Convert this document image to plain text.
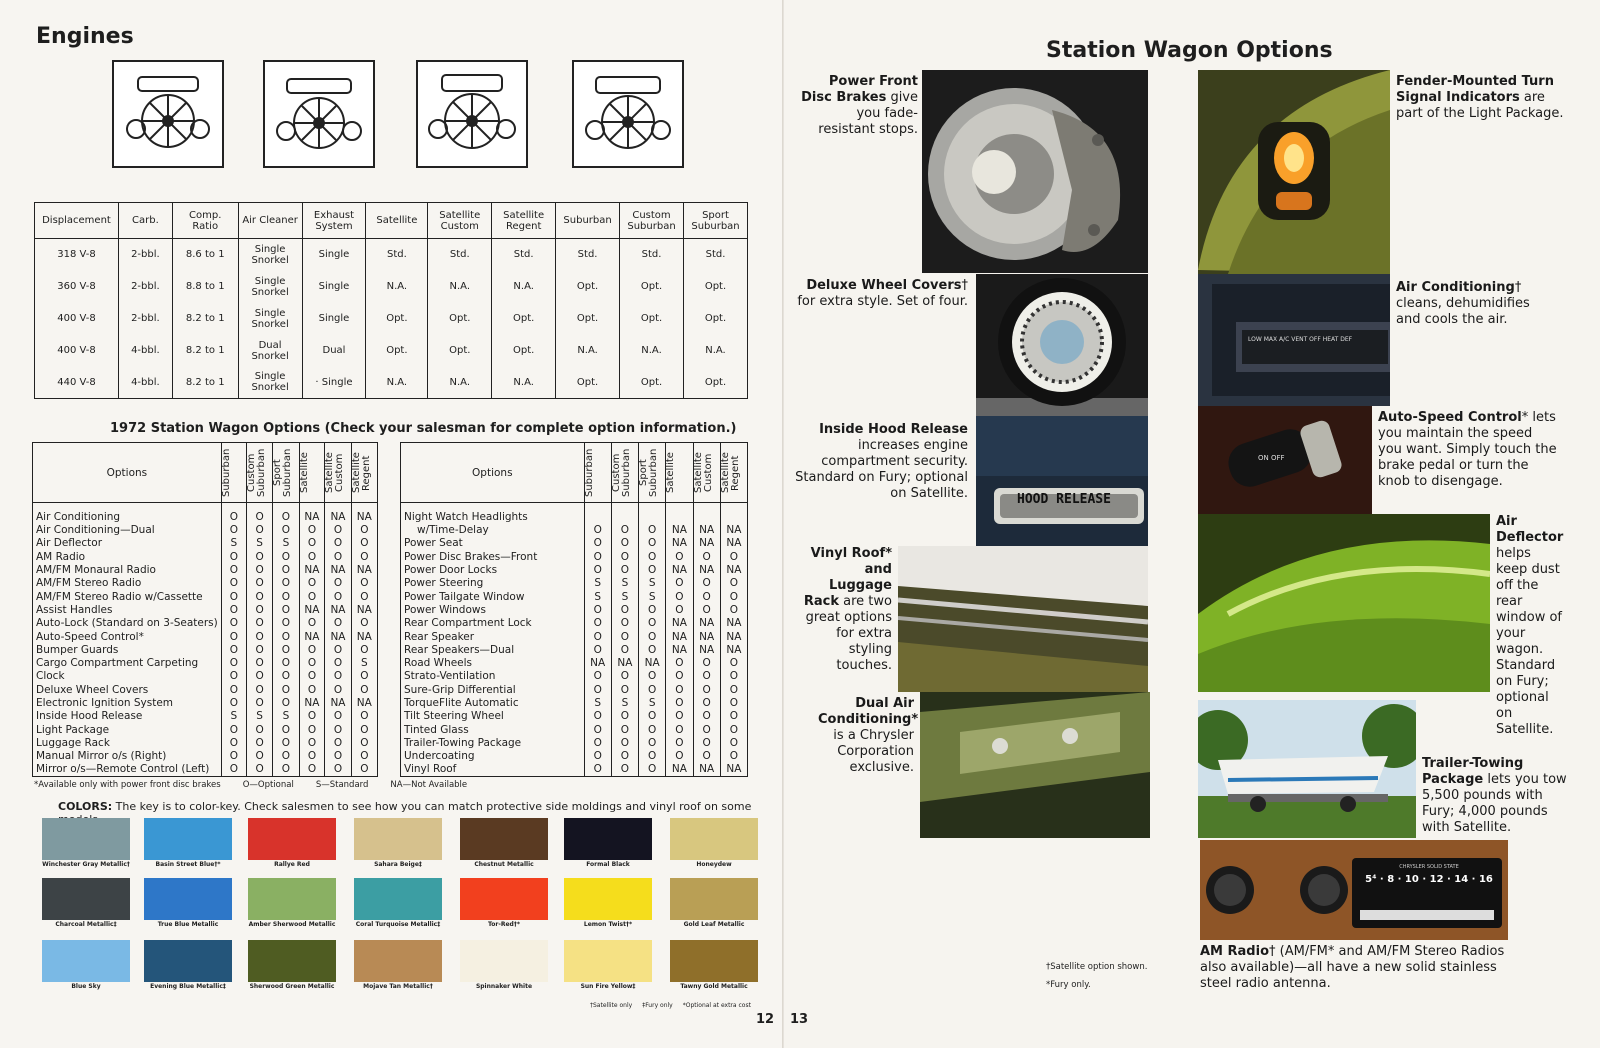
Engines
Displacement	Carb.	Comp. Ratio	Air Cleaner	Exhaust System	Satellite	Satellite Custom	Satellite Regent	Suburban	Custom Suburban	Sport Suburban
318 V-8	2-bbl.	8.6 to 1	Single Snorkel	Single	Std.	Std.	Std.	Std.	Std.	Std.
360 V-8	2-bbl.	8.8 to 1	Single Snorkel	Single	N.A.	N.A.	N.A.	Opt.	Opt.	Opt.
400 V-8	2-bbl.	8.2 to 1	Single Snorkel	Single	Opt.	Opt.	Opt.	Opt.	Opt.	Opt.
400 V-8	4-bbl.	8.2 to 1	Dual Snorkel	Dual	Opt.	Opt.	Opt.	N.A.	N.A.	N.A.
440 V-8	4-bbl.	8.2 to 1	Single Snorkel	· Single	N.A.	N.A.	N.A.	Opt.	Opt.	Opt.
1972 Station Wagon Options (Check your salesman for complete option information.)
Options	Suburban	Custom Suburban	Sport Suburban	Satellite	Satellite Custom	Satellite Regent

Air Conditioning	O	O	O	NA	NA	NA
Air Conditioning—Dual	O	O	O	O	O	O
Air Deflector	S	S	S	O	O	O
AM Radio	O	O	O	O	O	O
AM/FM Monaural Radio	O	O	O	NA	NA	NA
AM/FM Stereo Radio	O	O	O	O	O	O
AM/FM Stereo Radio w/Cassette	O	O	O	O	O	O
Assist Handles	O	O	O	NA	NA	NA
Auto-Lock (Standard on 3-Seaters)	O	O	O	O	O	O
Auto-Speed Control*	O	O	O	NA	NA	NA
Bumper Guards	O	O	O	O	O	O
Cargo Compartment Carpeting	O	O	O	O	O	S
Clock	O	O	O	O	O	O
Deluxe Wheel Covers	O	O	O	O	O	O
Electronic Ignition System	O	O	O	NA	NA	NA
Inside Hood Release	S	S	S	O	O	O
Light Package	O	O	O	O	O	O
Luggage Rack	O	O	O	O	O	O
Manual Mirror o/s (Right)	O	O	O	O	O	O
Mirror o/s—Remote Control (Left)	O	O	O	O	O	O
Options	Suburban	Custom Suburban	Sport Suburban	Satellite	Satellite Custom	Satellite Regent

Night Watch Headlights						
w/Time-Delay	O	O	O	NA	NA	NA
Power Seat	O	O	O	NA	NA	NA
Power Disc Brakes—Front	O	O	O	O	O	O
Power Door Locks	O	O	O	NA	NA	NA
Power Steering	S	S	S	O	O	O
Power Tailgate Window	S	S	S	O	O	O
Power Windows	O	O	O	O	O	O
Rear Compartment Lock	O	O	O	NA	NA	NA
Rear Speaker	O	O	O	NA	NA	NA
Rear Speakers—Dual	O	O	O	NA	NA	NA
Road Wheels	NA	NA	NA	O	O	O
Strato-Ventilation	O	O	O	O	O	O
Sure-Grip Differential	O	O	O	O	O	O
TorqueFlite Automatic	S	S	S	O	O	O
Tilt Steering Wheel	O	O	O	O	O	O
Tinted Glass	O	O	O	O	O	O
Trailer-Towing Package	O	O	O	O	O	O
Undercoating	O	O	O	O	O	O
Vinyl Roof	O	O	O	NA	NA	NA
*Available only with power front disc brakes	O—Optional	S—Standard	NA—Not Available
COLORS: The key is to color-key. Check salesmen to see how you can match protective side moldings and vinyl roof on some
Winchester Gray Metallic†	Basin Street Blue†*	Rallye Red	Sahara Beige‡	Chestnut Metallic	Formal Black	Honeydew
Charcoal Metallic‡	True Blue Metallic	Amber Sherwood Metallic	Coral Turquoise Metallic‡	Tor-Red†*	Lemon Twist†*	Gold Leaf Metallic
Blue Sky	Evening Blue Metallic‡	Sherwood Green Metallic	Mojave Tan Metallic†	Spinnaker White	Sun Fire Yellow‡	Tawny Gold Metallic
†Satellite only ‡Fury only *Optional at extra cost
12 13
Station Wagon Options
Power Front Disc Brakes give you fade-resistant stops.
Fender-Mounted Turn Signal Indicators are part of the Light Package.
Deluxe Wheel Covers† for extra style. Set of four.
LOW MAX A/C VENT OFF HEAT DEF
Air Conditioning† cleans, dehumidifies and cools the air.
HOOD RELEASE
Inside Hood Release increases engine compartment security. Standard on Fury; optional on Satellite.
ON OFF
Auto-Speed Control* lets you maintain the speed you want. Simply touch the brake pedal or turn the knob to disengage.
Vinyl Roof* and Luggage Rack are two great options for extra styling touches.
Air Deflector helps keep dust off the rear window of your wagon. Standard on Fury; optional on Satellite.
Dual Air Conditioning* is a Chrysler Corporation exclusive.	Trailer-Towing Package lets you tow 5,500 pounds with Fury; 4,000 pounds with Satellite.
5⁴ · 8 · 10 · 12 · 14 · 16
CHRYSLER SOLID STATE
AM Radio† (AM/FM* and AM/FM Stereo Radios also available)—all have a new solid stainless steel radio antenna.
†Satellite option shown.
*Fury only.
